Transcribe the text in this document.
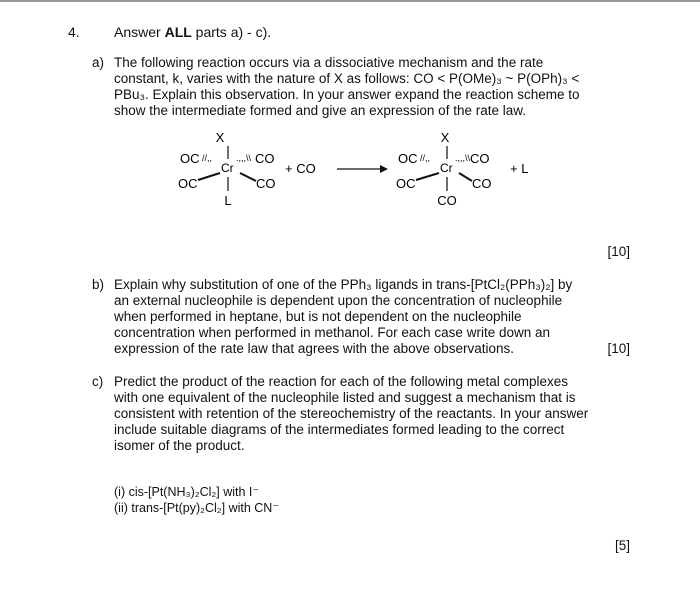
4. Answer ALL parts a) - c).
a) The following reaction occurs via a dissociative mechanism and the rate
constant, k, varies with the nature of X as follows: CO < P(OMe)₃ ~ P(OPh)₃ <
PBu₃. Explain this observation. In your answer expand the reaction scheme to
show the intermediate formed and give an expression of the rate law.
X
OC //,,
Cr
.,,,\\ CO
OC	CO
L
+ CO
X
OC //,,
Cr
.,,,\\ CO
OC	CO
CO
+ L
[10]
b) Explain why substitution of one of the PPh₃ ligands in trans-[PtCl₂(PPh₃)₂] by
an external nucleophile is dependent upon the concentration of nucleophile
when performed in heptane, but is not dependent on the nucleophile
concentration when performed in methanol. For each case write down an
expression of the rate law that agrees with the above observations.	[10]
c) Predict the product of the reaction for each of the following metal complexes
with one equivalent of the nucleophile listed and suggest a mechanism that is
consistent with retention of the stereochemistry of the reactants. In your answer
include suitable diagrams of the intermediates formed leading to the correct
isomer of the product.
(i) cis-[Pt(NH₃)₂Cl₂] with I⁻
(ii) trans-[Pt(py)₂Cl₂] with CN⁻
[5]
